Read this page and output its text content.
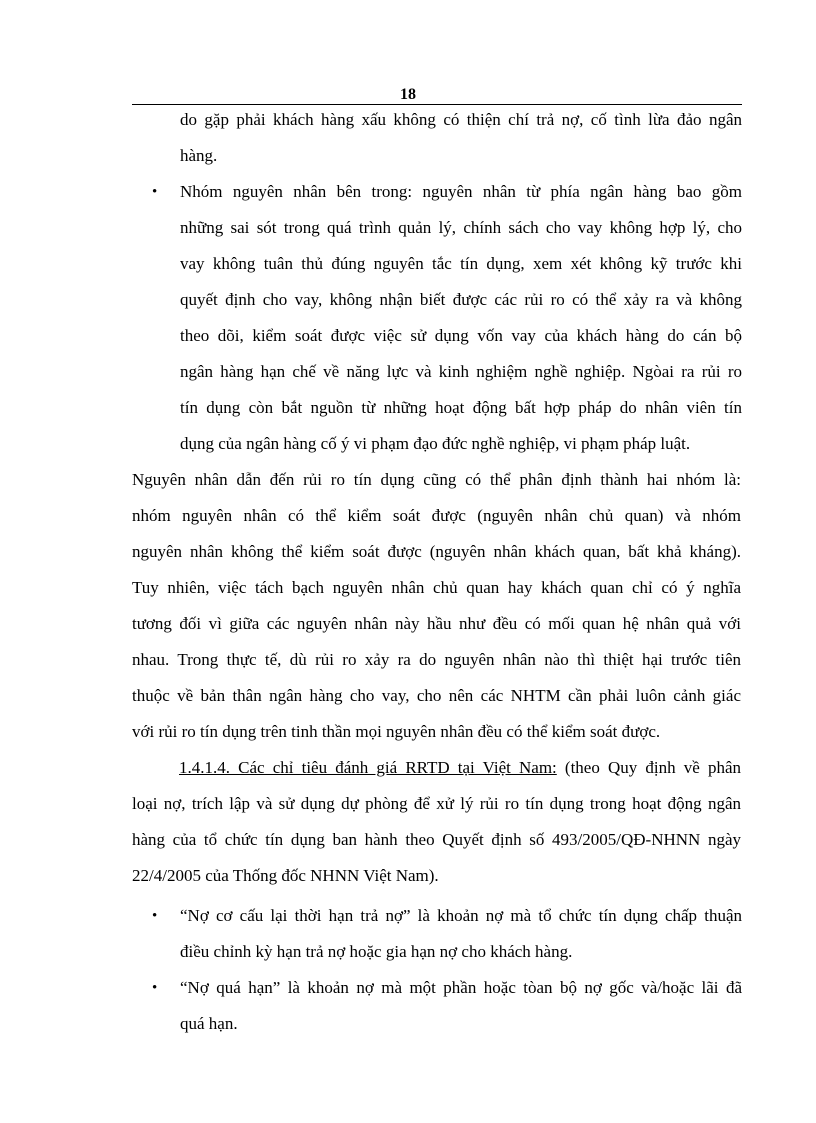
18
do gặp phải khách hàng xấu không có thiện chí trả nợ, cố tình lừa đảo ngân
hàng.
• Nhóm nguyên nhân bên trong: nguyên nhân từ phía ngân hàng bao gồm
những sai sót trong quá trình quản lý, chính sách cho vay không hợp lý, cho
vay không tuân thủ đúng nguyên tắc tín dụng, xem xét không kỹ trước khi
quyết định cho vay, không nhận biết được các rủi ro có thể xảy ra và không
theo dõi, kiểm soát được việc sử dụng vốn vay của khách hàng do cán bộ
ngân hàng hạn chế về năng lực và kinh nghiệm nghề nghiệp. Ngòai ra rủi ro
tín dụng còn bắt nguồn từ những hoạt động bất hợp pháp do nhân viên tín
dụng của ngân hàng cố ý vi phạm đạo đức nghề nghiệp, vi phạm pháp luật.
Nguyên nhân dẫn đến rủi ro tín dụng cũng có thể phân định thành hai nhóm là:
nhóm nguyên nhân có thể kiểm soát được (nguyên nhân chủ quan) và nhóm
nguyên nhân không thể kiểm soát được (nguyên nhân khách quan, bất khả kháng).
Tuy nhiên, việc tách bạch nguyên nhân chủ quan hay khách quan chỉ có ý nghĩa
tương đối vì giữa các nguyên nhân này hầu như đều có mối quan hệ nhân quả với
nhau. Trong thực tế, dù rủi ro xảy ra do nguyên nhân nào thì thiệt hại trước tiên
thuộc về bản thân ngân hàng cho vay, cho nên các NHTM cần phải luôn cảnh giác
với rủi ro tín dụng trên tinh thần mọi nguyên nhân đều có thể kiểm soát được.
1.4.1.4. Các chỉ tiêu đánh giá RRTD tại Việt Nam: (theo Quy định về phân
loại nợ, trích lập và sử dụng dự phòng để xử lý rủi ro tín dụng trong hoạt động ngân
hàng của tổ chức tín dụng ban hành theo Quyết định số 493/2005/QĐ-NHNN ngày
22/4/2005 của Thống đốc NHNN Việt Nam).
• “Nợ cơ cấu lại thời hạn trả nợ” là khoản nợ mà tổ chức tín dụng chấp thuận
điều chỉnh kỳ hạn trả nợ hoặc gia hạn nợ cho khách hàng.
• “Nợ quá hạn” là khoản nợ mà một phần hoặc tòan bộ nợ gốc và/hoặc lãi đã
quá hạn.
